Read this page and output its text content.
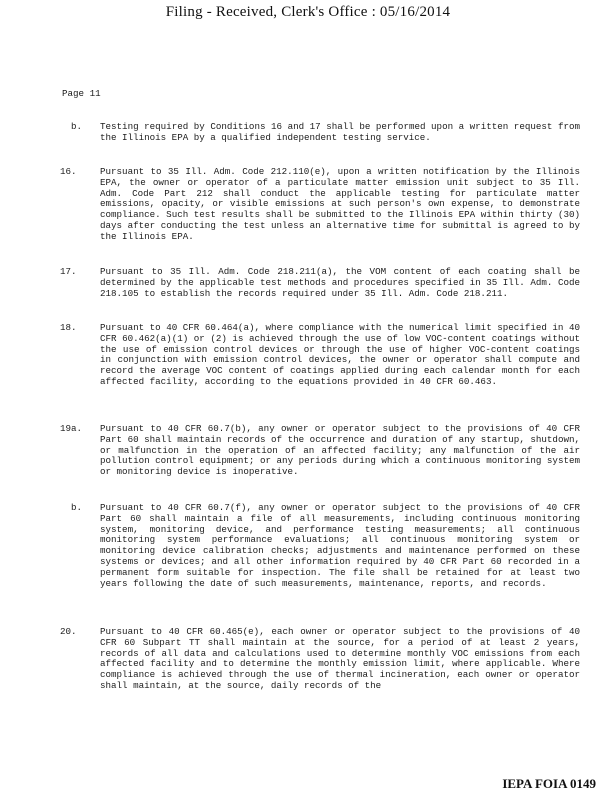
Filing - Received, Clerk's Office : 05/16/2014
Page 11
b. Testing required by Conditions 16 and 17 shall be performed upon a written request from the Illinois EPA by a qualified independent testing service.
16.	Pursuant to 35 Ill. Adm. Code 212.110(e), upon a written notification by the Illinois EPA, the owner or operator of a particulate matter emission unit subject to 35 Ill. Adm. Code Part 212 shall conduct the applicable testing for particulate matter emissions, opacity, or visible emissions at such person's own expense, to demonstrate compliance. Such test results shall be submitted to the Illinois EPA within thirty (30) days after conducting the test unless an alternative time for submittal is agreed to by the Illinois EPA.
17.	Pursuant to 35 Ill. Adm. Code 218.211(a), the VOM content of each coating shall be determined by the applicable test methods and procedures specified in 35 Ill. Adm. Code 218.105 to establish the records required under 35 Ill. Adm. Code 218.211.
18.	Pursuant to 40 CFR 60.464(a), where compliance with the numerical limit specified in 40 CFR 60.462(a)(1) or (2) is achieved through the use of low VOC-content coatings without the use of emission control devices or through the use of higher VOC-content coatings in conjunction with emission control devices, the owner or operator shall compute and record the average VOC content of coatings applied during each calendar month for each affected facility, according to the equations provided in 40 CFR 60.463.
19a.	Pursuant to 40 CFR 60.7(b), any owner or operator subject to the provisions of 40 CFR Part 60 shall maintain records of the occurrence and duration of any startup, shutdown, or malfunction in the operation of an affected facility; any malfunction of the air pollution control equipment; or any periods during which a continuous monitoring system or monitoring device is inoperative.
b. Pursuant to 40 CFR 60.7(f), any owner or operator subject to the provisions of 40 CFR Part 60 shall maintain a file of all measurements, including continuous monitoring system, monitoring device, and performance testing measurements; all continuous monitoring system performance evaluations; all continuous monitoring system or monitoring device calibration checks; adjustments and maintenance performed on these systems or devices; and all other information required by 40 CFR Part 60 recorded in a permanent form suitable for inspection. The file shall be retained for at least two years following the date of such measurements, maintenance, reports, and records.
20.	Pursuant to 40 CFR 60.465(e), each owner or operator subject to the provisions of 40 CFR 60 Subpart TT shall maintain at the source, for a period of at least 2 years, records of all data and calculations used to determine monthly VOC emissions from each affected facility and to determine the monthly emission limit, where applicable. Where compliance is achieved through the use of thermal incineration, each owner or operator shall maintain, at the source, daily records of the
IEPA FOIA 0149
